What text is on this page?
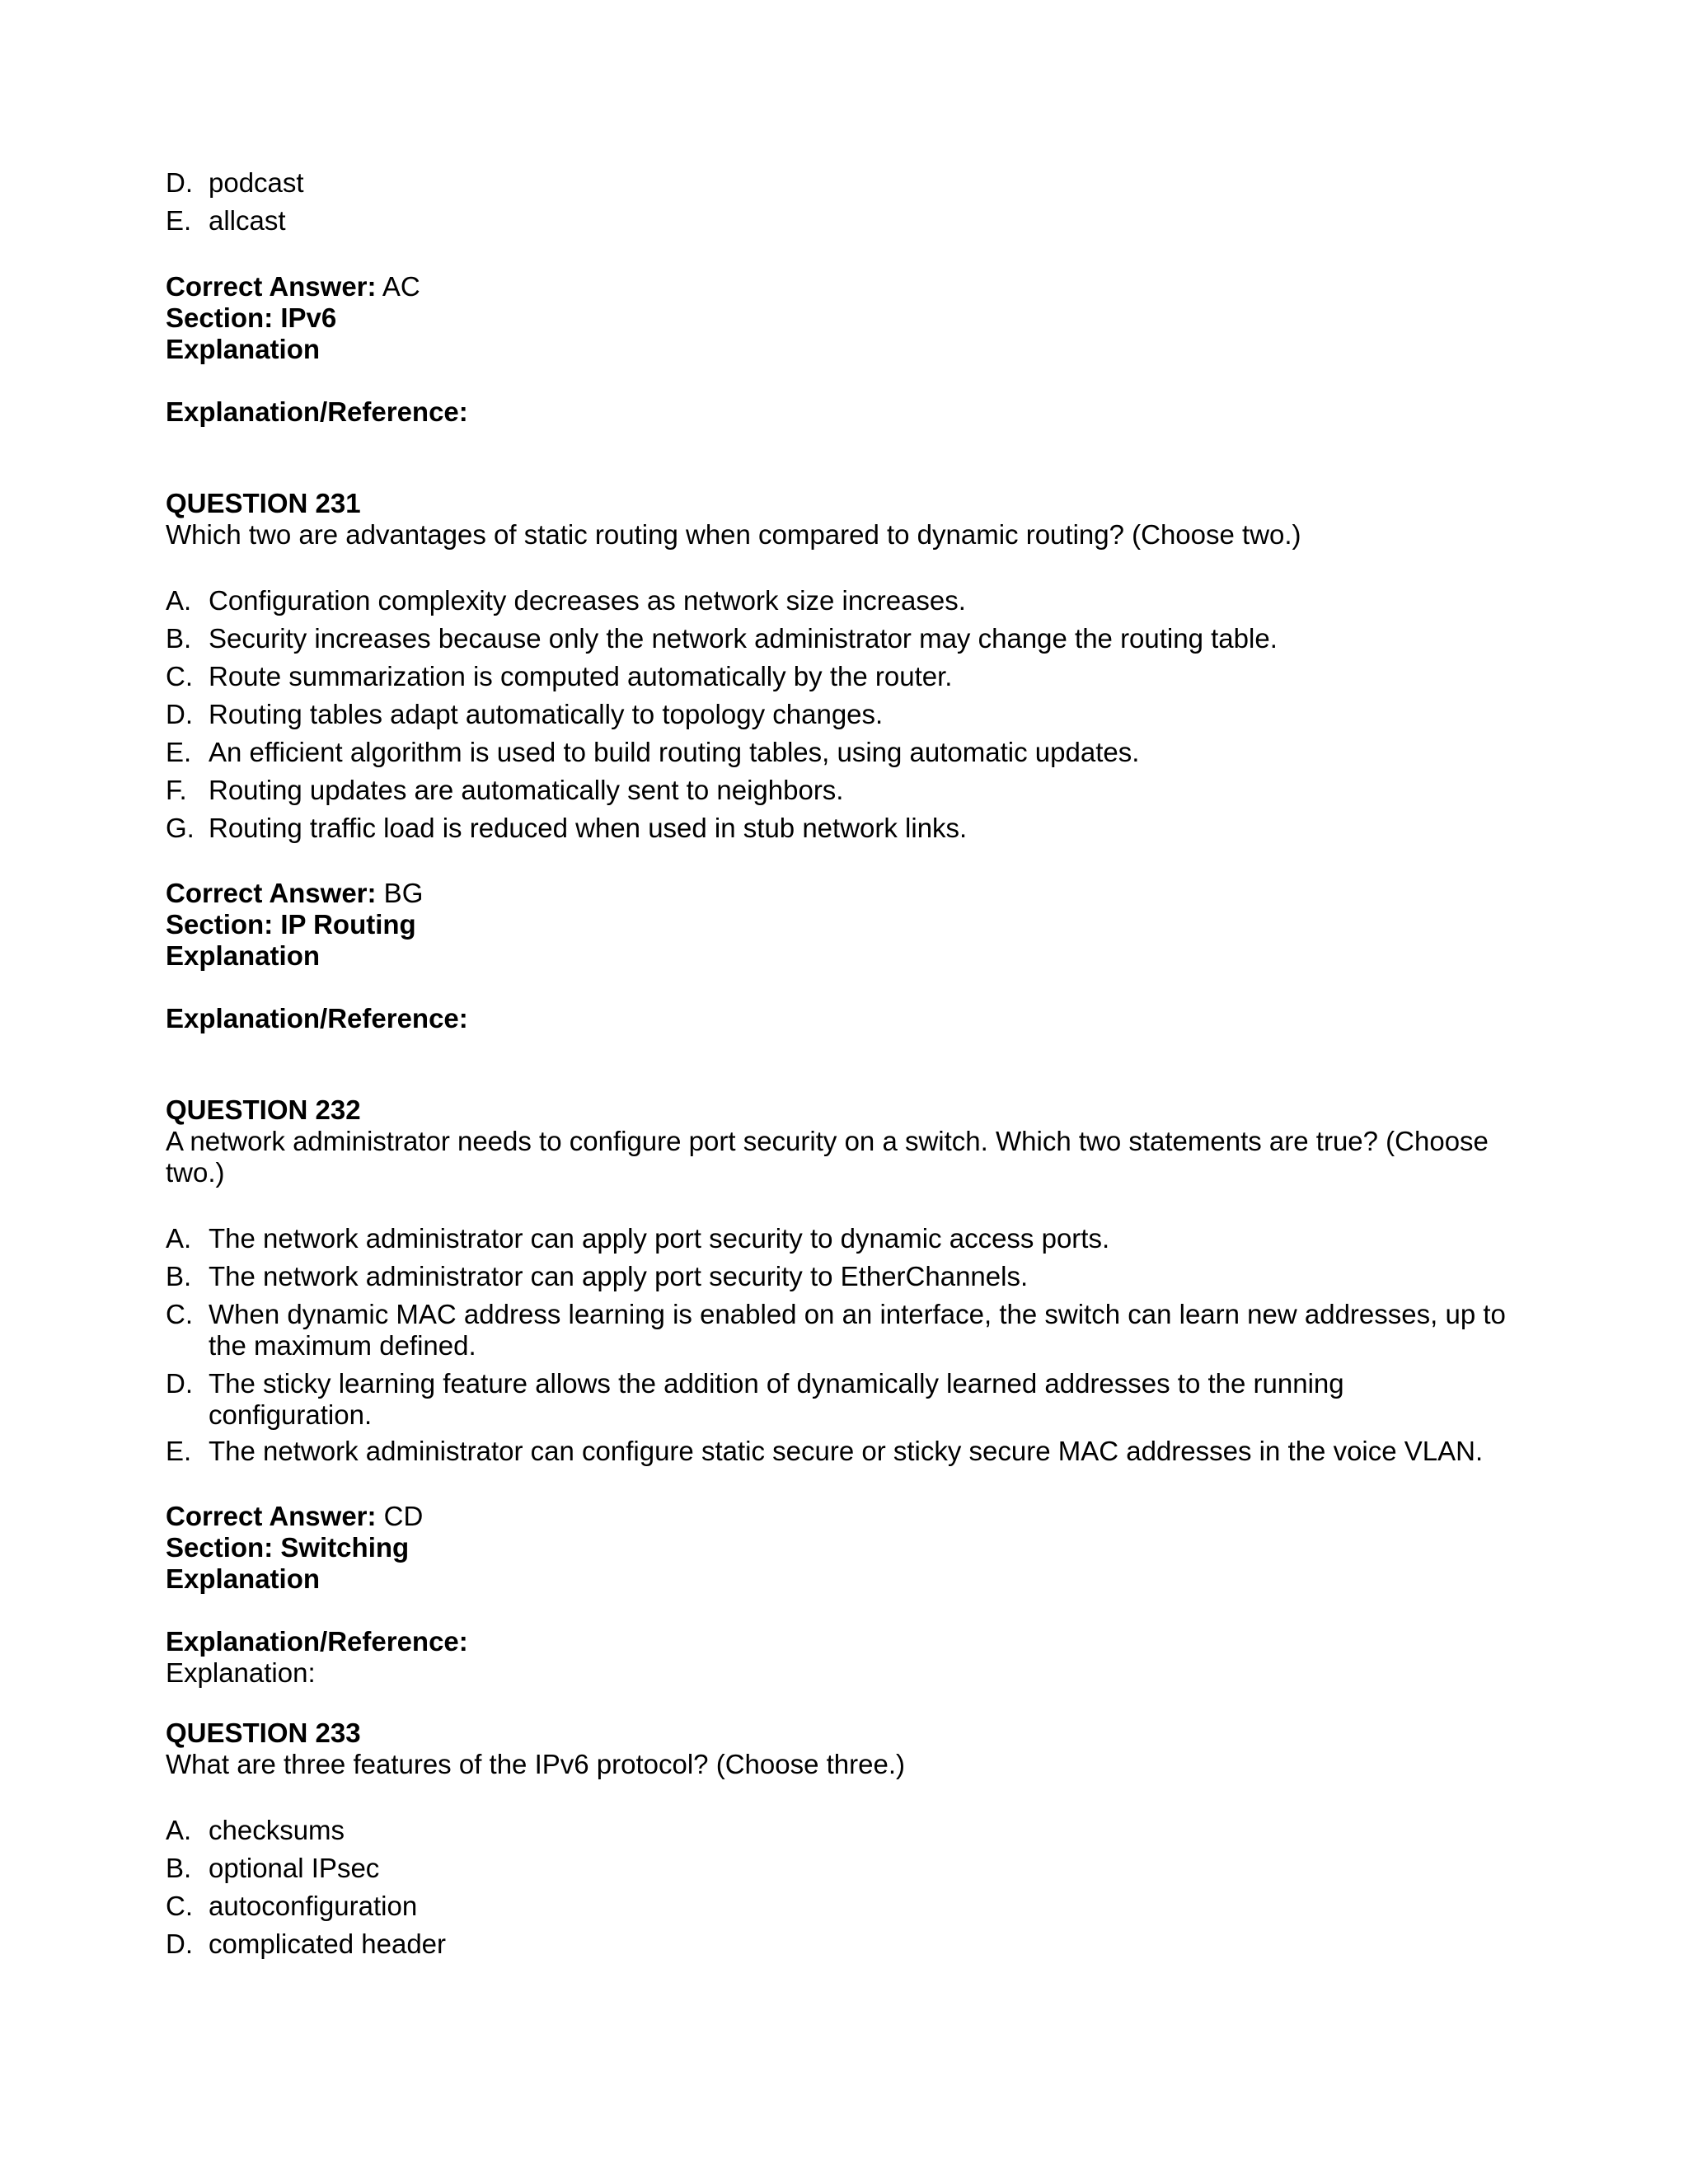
D. podcast
E. allcast
Correct Answer: AC
Section: IPv6
Explanation
Explanation/Reference:
QUESTION 231
Which two are advantages of static routing when compared to dynamic routing? (Choose two.)
A. Configuration complexity decreases as network size increases.
B. Security increases because only the network administrator may change the routing table.
C. Route summarization is computed automatically by the router.
D. Routing tables adapt automatically to topology changes.
E. An efficient algorithm is used to build routing tables, using automatic updates.
F. Routing updates are automatically sent to neighbors.
G. Routing traffic load is reduced when used in stub network links.
Correct Answer: BG
Section: IP Routing
Explanation
Explanation/Reference:
QUESTION 232
A network administrator needs to configure port security on a switch. Which two statements are true? (Choose two.)
A. The network administrator can apply port security to dynamic access ports.
B. The network administrator can apply port security to EtherChannels.
C. When dynamic MAC address learning is enabled on an interface, the switch can learn new addresses, up to the maximum defined.
D. The sticky learning feature allows the addition of dynamically learned addresses to the running configuration.
E. The network administrator can configure static secure or sticky secure MAC addresses in the voice VLAN.
Correct Answer: CD
Section: Switching
Explanation
Explanation/Reference:
Explanation:
QUESTION 233
What are three features of the IPv6 protocol? (Choose three.)
A. checksums
B. optional IPsec
C. autoconfiguration
D. complicated header
